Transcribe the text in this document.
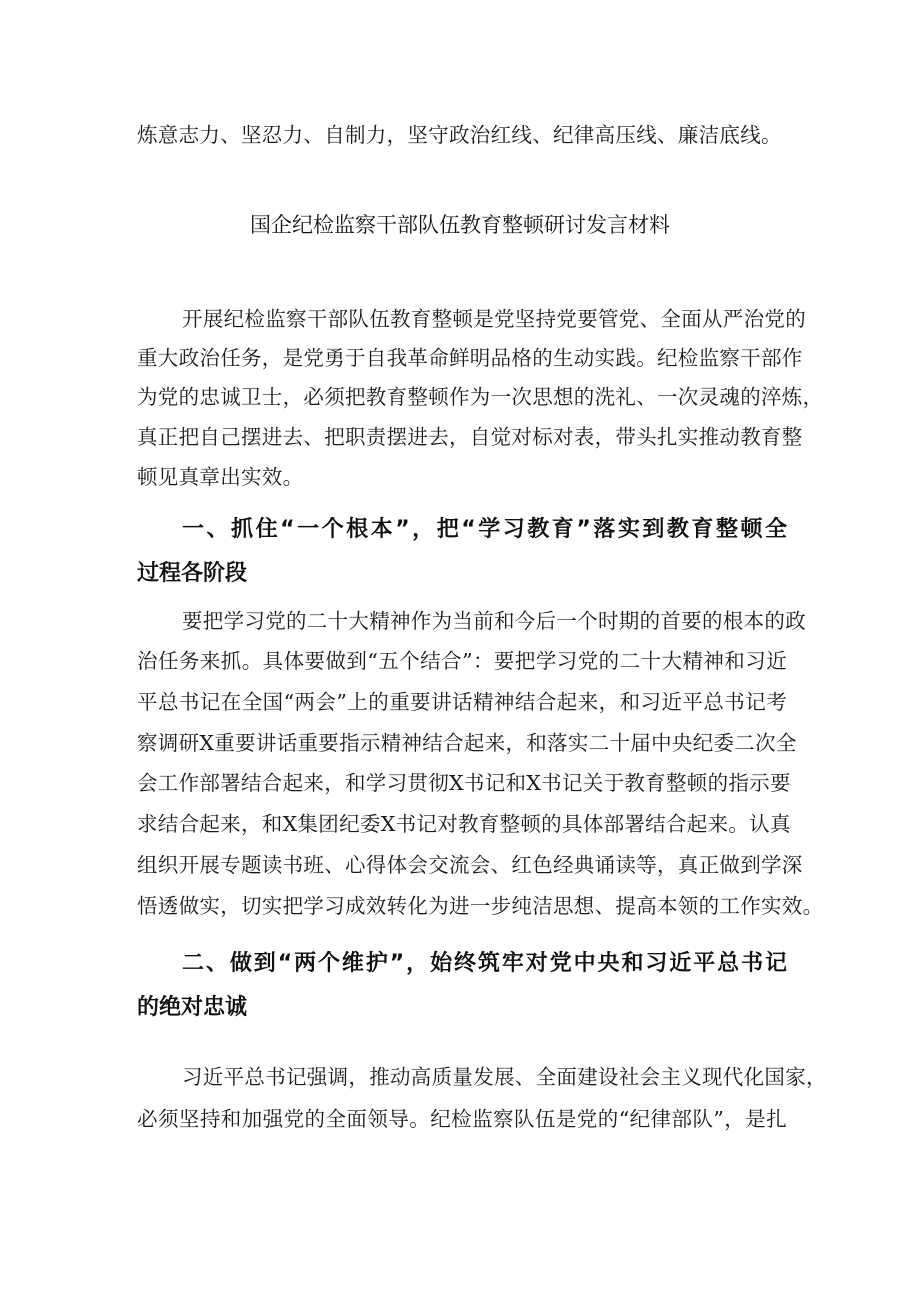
炼意志力、坚忍力、自制力，坚守政治红线、纪律高压线、廉洁底线。
国企纪检监察干部队伍教育整顿研讨发言材料
开展纪检监察干部队伍教育整顿是党坚持党要管党、全面从严治党的
重大政治任务，是党勇于自我革命鲜明品格的生动实践。纪检监察干部作
为党的忠诚卫士，必须把教育整顿作为一次思想的洗礼、一次灵魂的淬炼，
真正把自己摆进去、把职责摆进去，自觉对标对表，带头扎实推动教育整
顿见真章出实效。
一、抓住“一个根本”，把“学习教育”落实到教育整顿全
过程各阶段
要把学习党的二十大精神作为当前和今后一个时期的首要的根本的政
治任务来抓。具体要做到“五个结合”：要把学习党的二十大精神和习近
平总书记在全国“两会”上的重要讲话精神结合起来，和习近平总书记考
察调研X重要讲话重要指示精神结合起来，和落实二十届中央纪委二次全
会工作部署结合起来，和学习贯彻X书记和X书记关于教育整顿的指示要
求结合起来，和X集团纪委X书记对教育整顿的具体部署结合起来。认真
组织开展专题读书班、心得体会交流会、红色经典诵读等，真正做到学深
悟透做实，切实把学习成效转化为进一步纯洁思想、提高本领的工作实效。
二、做到“两个维护”，始终筑牢对党中央和习近平总书记
的绝对忠诚
习近平总书记强调，推动高质量发展、全面建设社会主义现代化国家，
必须坚持和加强党的全面领导。纪检监察队伍是党的“纪律部队”，是扎
